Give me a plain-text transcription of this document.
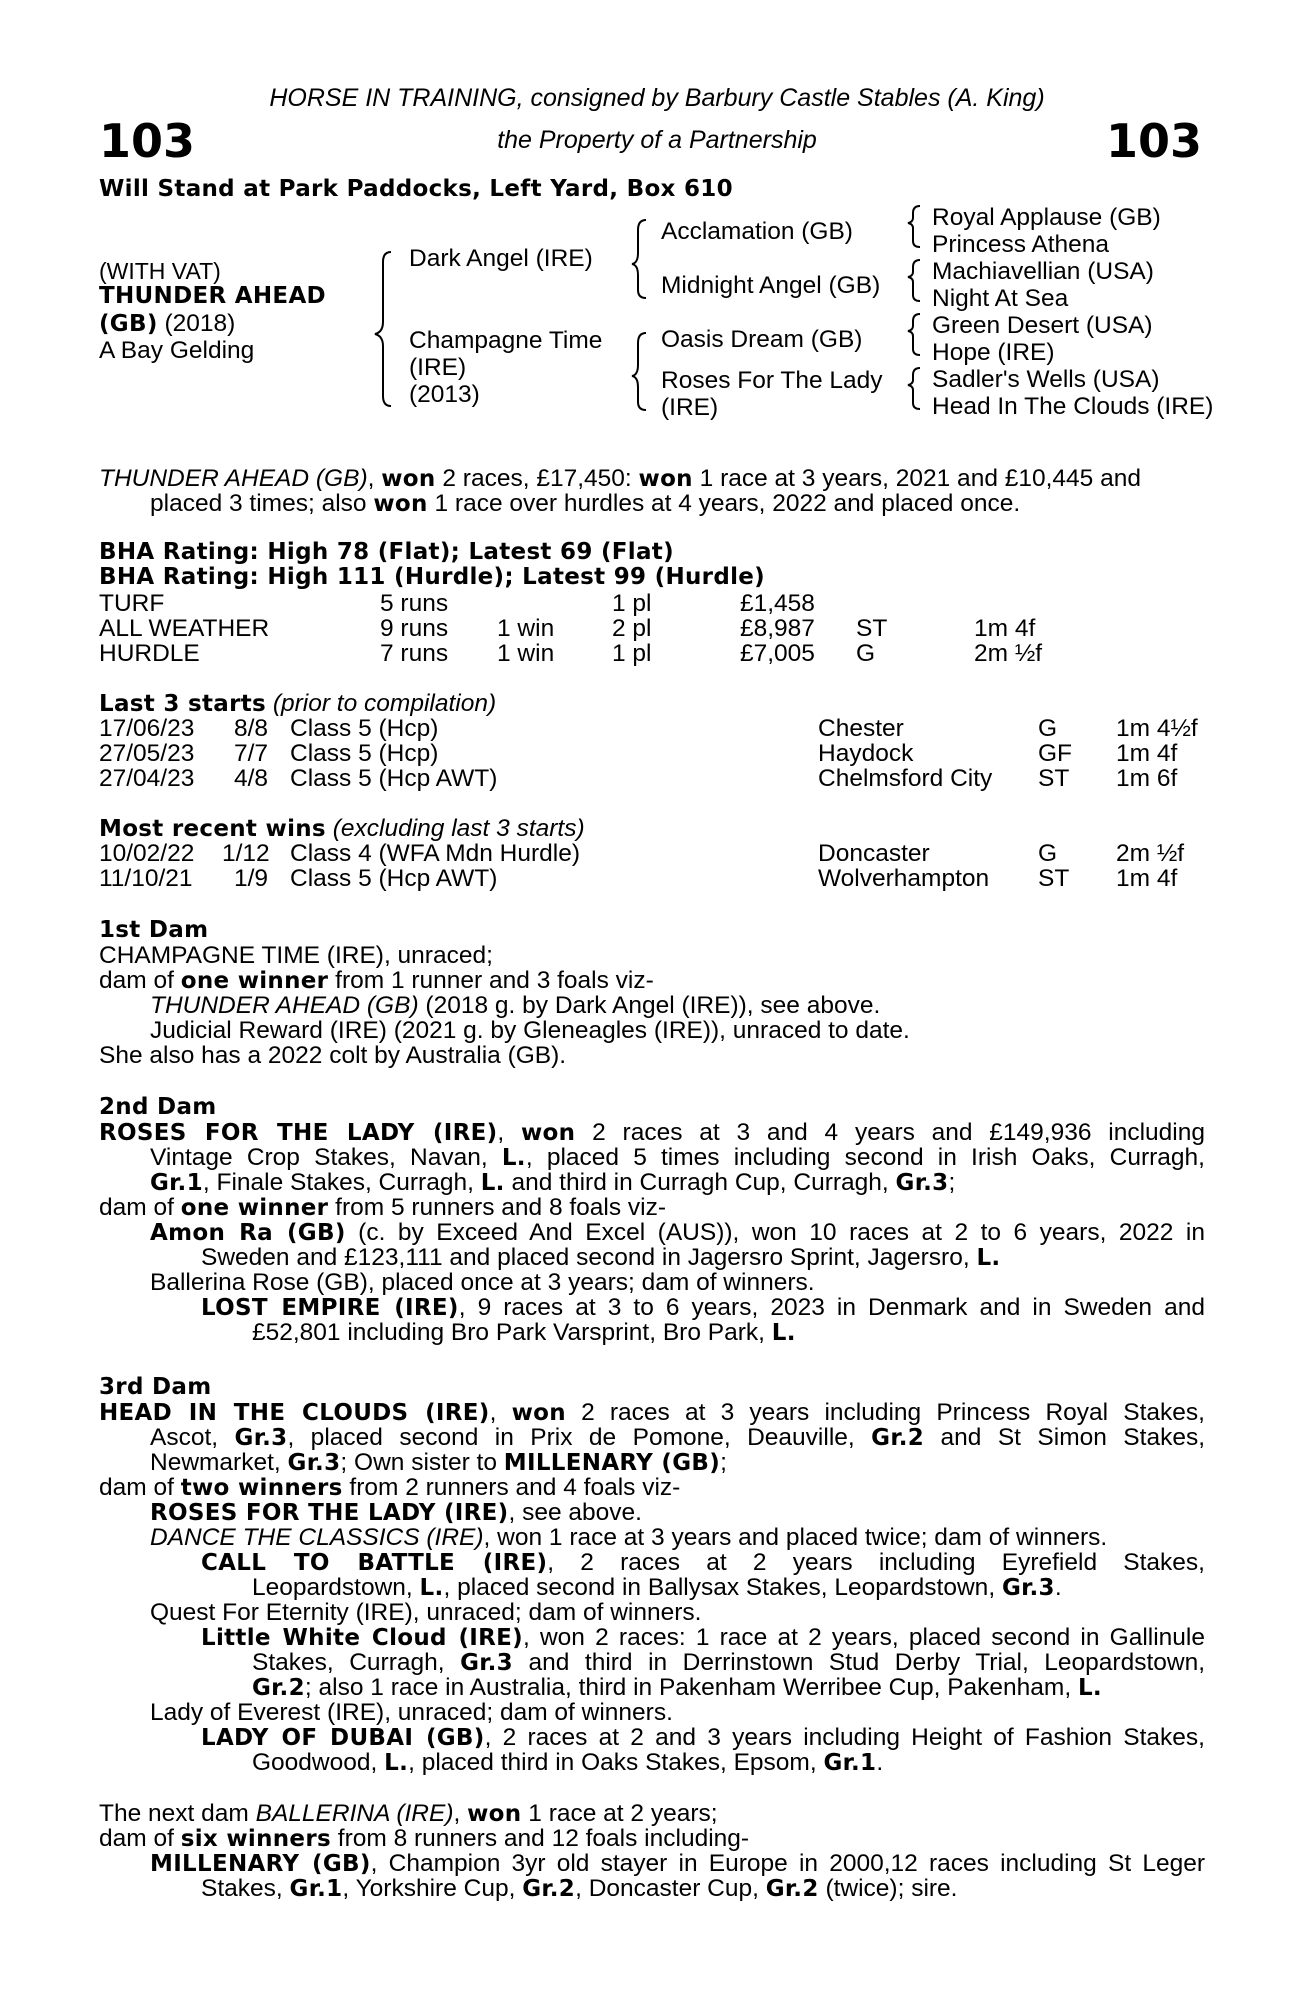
HORSE IN TRAINING, consigned by Barbury Castle Stables (A. King)
103	the Property of a Partnership	103
Will Stand at Park Paddocks, Left Yard, Box 610
(WITH VAT)
THUNDER AHEAD
(GB) (2018)
A Bay Gelding
Dark Angel (IRE)
Champagne Time
(IRE)
(2013)
Acclamation (GB)
Midnight Angel (GB)
Oasis Dream (GB)
Roses For The Lady
(IRE)
Royal Applause (GB)
Princess Athena
Machiavellian (USA)
Night At Sea
Green Desert (USA)
Hope (IRE)
Sadler's Wells (USA)
Head In The Clouds (IRE)
THUNDER AHEAD (GB), won 2 races, £17,450: won 1 race at 3 years, 2021 and £10,445 and
placed 3 times; also won 1 race over hurdles at 4 years, 2022 and placed once.
BHA Rating: High 78 (Flat); Latest 69 (Flat)
BHA Rating: High 111 (Hurdle); Latest 99 (Hurdle)
TURF	5 runs	1 pl	£1,458
ALL WEATHER	9 runs 1 win 2 pl	£8,987 ST	1m 4f
HURDLE	7 runs 1 win 1 pl	£7,005 G	2m ½f
Last 3 starts (prior to compilation)
17/06/23 8/8 Class 5 (Hcp)	Chester	G 1m 4½f
27/05/23 7/7 Class 5 (Hcp)	Haydock	GF 1m 4f
27/04/23 4/8 Class 5 (Hcp AWT)	Chelmsford City ST 1m 6f
Most recent wins (excluding last 3 starts)
10/02/22 1/12 Class 4 (WFA Mdn Hurdle)	Doncaster	G 2m ½f
11/10/21 1/9 Class 5 (Hcp AWT)	Wolverhampton ST 1m 4f
1st Dam
CHAMPAGNE TIME (IRE), unraced;
dam of one winner from 1 runner and 3 foals viz-
THUNDER AHEAD (GB) (2018 g. by Dark Angel (IRE)), see above.
Judicial Reward (IRE) (2021 g. by Gleneagles (IRE)), unraced to date.
She also has a 2022 colt by Australia (GB).
2nd Dam
ROSES FOR THE LADY (IRE), won 2 races at 3 and 4 years and £149,936 including
Vintage Crop Stakes, Navan, L., placed 5 times including second in Irish Oaks, Curragh,
Gr.1, Finale Stakes, Curragh, L. and third in Curragh Cup, Curragh, Gr.3;
dam of one winner from 5 runners and 8 foals viz-
Amon Ra (GB) (c. by Exceed And Excel (AUS)), won 10 races at 2 to 6 years, 2022 in
Sweden and £123,111 and placed second in Jagersro Sprint, Jagersro, L.
Ballerina Rose (GB), placed once at 3 years; dam of winners.
LOST EMPIRE (IRE), 9 races at 3 to 6 years, 2023 in Denmark and in Sweden and
£52,801 including Bro Park Varsprint, Bro Park, L.
3rd Dam
HEAD IN THE CLOUDS (IRE), won 2 races at 3 years including Princess Royal Stakes,
Ascot, Gr.3, placed second in Prix de Pomone, Deauville, Gr.2 and St Simon Stakes,
Newmarket, Gr.3; Own sister to MILLENARY (GB);
dam of two winners from 2 runners and 4 foals viz-
ROSES FOR THE LADY (IRE), see above.
DANCE THE CLASSICS (IRE), won 1 race at 3 years and placed twice; dam of winners.
CALL TO BATTLE (IRE), 2 races at 2 years including Eyrefield Stakes,
Leopardstown, L., placed second in Ballysax Stakes, Leopardstown, Gr.3.
Quest For Eternity (IRE), unraced; dam of winners.
Little White Cloud (IRE), won 2 races: 1 race at 2 years, placed second in Gallinule
Stakes, Curragh, Gr.3 and third in Derrinstown Stud Derby Trial, Leopardstown,
Gr.2; also 1 race in Australia, third in Pakenham Werribee Cup, Pakenham, L.
Lady of Everest (IRE), unraced; dam of winners.
LADY OF DUBAI (GB), 2 races at 2 and 3 years including Height of Fashion Stakes,
Goodwood, L., placed third in Oaks Stakes, Epsom, Gr.1.
The next dam BALLERINA (IRE), won 1 race at 2 years;
dam of six winners from 8 runners and 12 foals including-
MILLENARY (GB), Champion 3yr old stayer in Europe in 2000,12 races including St Leger
Stakes, Gr.1, Yorkshire Cup, Gr.2, Doncaster Cup, Gr.2 (twice); sire.
